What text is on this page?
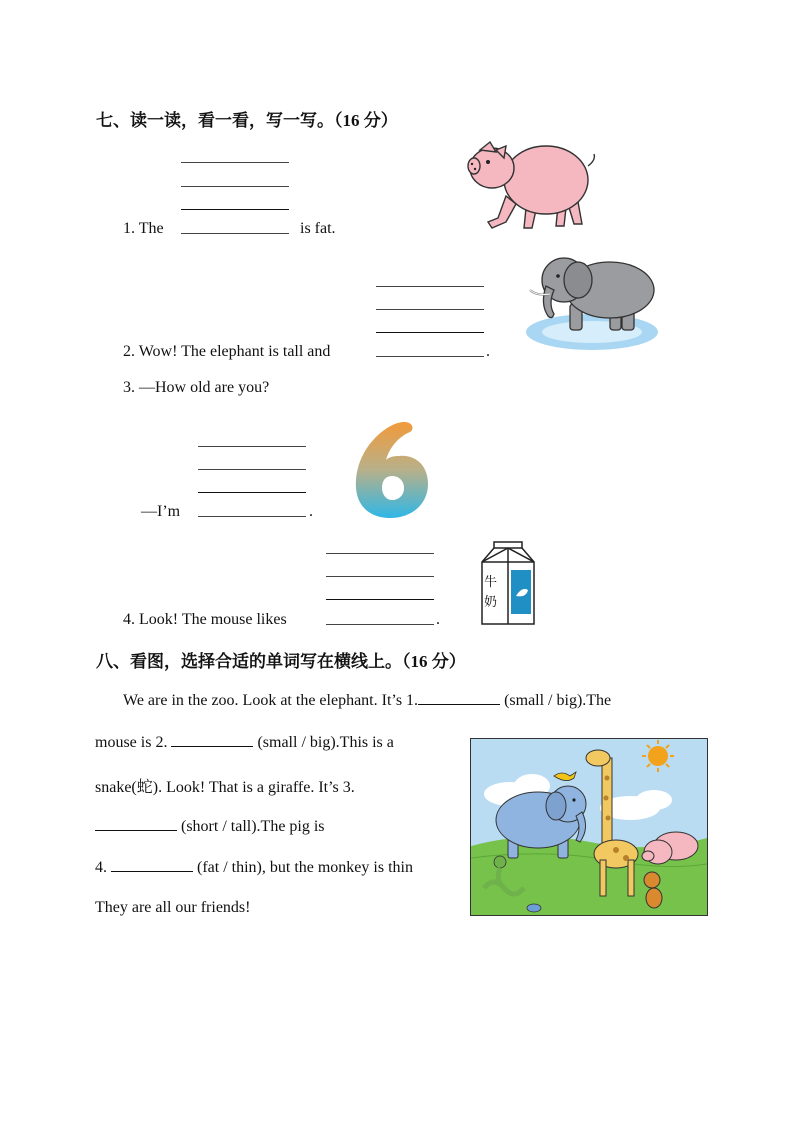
七、读一读，看一看，写一写。（16 分）
1. The	is fat.
2. Wow! The elephant is tall and	.
3. —How old are you?
—I’m	.
4. Look! The mouse likes	.
牛
奶
八、看图，选择合适的单词写在横线上。（16 分）
We are in the zoo. Look at the elephant. It’s 1.	(small / big).The
mouse is 2.	(small / big).This is a
snake(蛇). Look! That is a giraffe. It’s 3.
(short / tall).The pig is
4.	(fat / thin), but the monkey is thin
They are all our friends!
